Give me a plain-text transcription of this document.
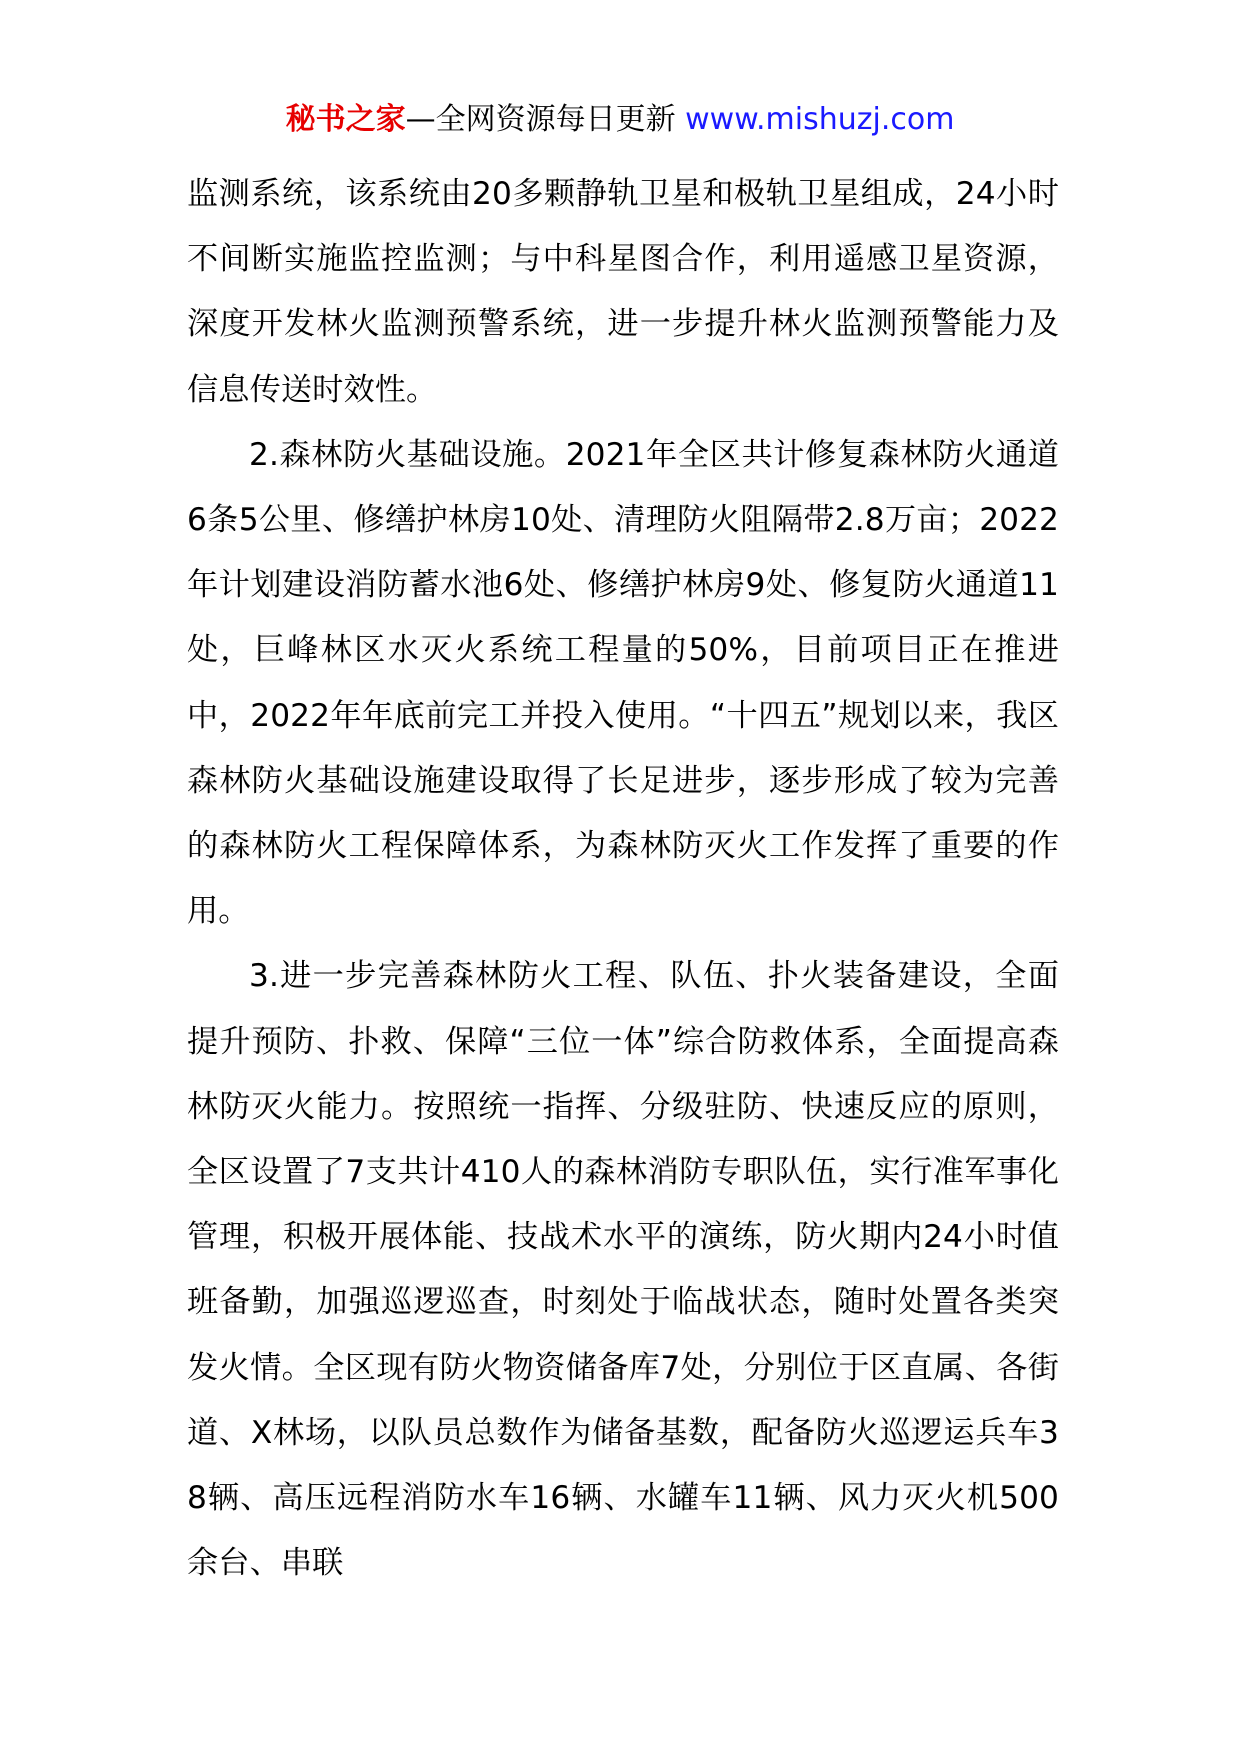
秘书之家—全网资源每日更新 www.mishuzj.com

监测系统，该系统由20多颗静轨卫星和极轨卫星组成，24小时不间断实施监控监测；与中科星图合作，利用遥感卫星资源，深度开发林火监测预警系统，进一步提升林火监测预警能力及信息传送时效性。

2.森林防火基础设施。2021年全区共计修复森林防火通道6条5公里、修缮护林房10处、清理防火阻隔带2.8万亩；2022年计划建设消防蓄水池6处、修缮护林房9处、修复防火通道11处，巨峰林区水灭火系统工程量的50%，目前项目正在推进中，2022年年底前完工并投入使用。“十四五”规划以来，我区森林防火基础设施建设取得了长足进步，逐步形成了较为完善的森林防火工程保障体系，为森林防灭火工作发挥了重要的作用。

3.进一步完善森林防火工程、队伍、扑火装备建设，全面提升预防、扑救、保障“三位一体”综合防救体系，全面提高森林防灭火能力。按照统一指挥、分级驻防、快速反应的原则，全区设置了7支共计410人的森林消防专职队伍，实行准军事化管理，积极开展体能、技战术水平的演练，防火期内24小时值班备勤，加强巡逻巡查，时刻处于临战状态，随时处置各类突发火情。全区现有防火物资储备库7处，分别位于区直属、各街道、X林场，以队员总数作为储备基数，配备防火巡逻运兵车38辆、高压远程消防水车16辆、水罐车11辆、风力灭火机500余台、串联
